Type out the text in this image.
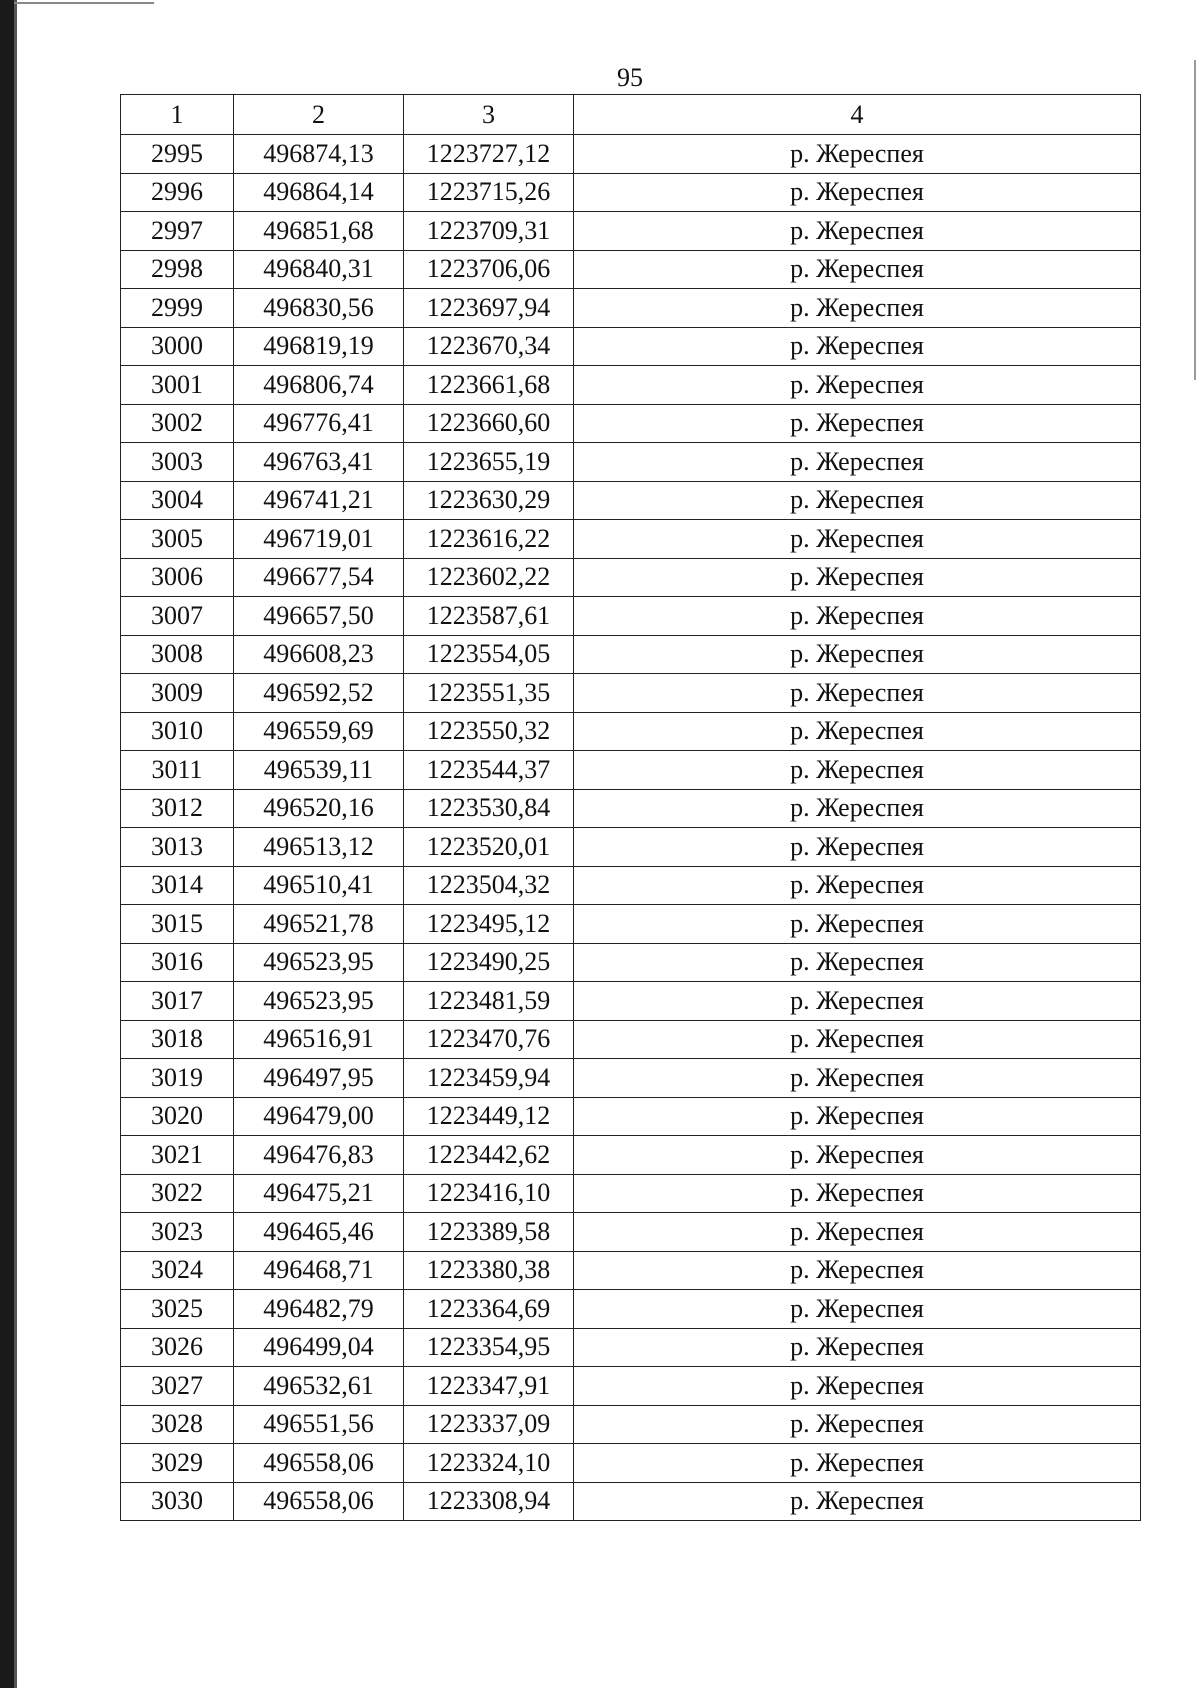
95
1	2	3	4
2995	496874,13	1223727,12	р. Жереспея
2996	496864,14	1223715,26	р. Жереспея
2997	496851,68	1223709,31	р. Жереспея
2998	496840,31	1223706,06	р. Жереспея
2999	496830,56	1223697,94	р. Жереспея
3000	496819,19	1223670,34	р. Жереспея
3001	496806,74	1223661,68	р. Жереспея
3002	496776,41	1223660,60	р. Жереспея
3003	496763,41	1223655,19	р. Жереспея
3004	496741,21	1223630,29	р. Жереспея
3005	496719,01	1223616,22	р. Жереспея
3006	496677,54	1223602,22	р. Жереспея
3007	496657,50	1223587,61	р. Жереспея
3008	496608,23	1223554,05	р. Жереспея
3009	496592,52	1223551,35	р. Жереспея
3010	496559,69	1223550,32	р. Жереспея
3011	496539,11	1223544,37	р. Жереспея
3012	496520,16	1223530,84	р. Жереспея
3013	496513,12	1223520,01	р. Жереспея
3014	496510,41	1223504,32	р. Жереспея
3015	496521,78	1223495,12	р. Жереспея
3016	496523,95	1223490,25	р. Жереспея
3017	496523,95	1223481,59	р. Жереспея
3018	496516,91	1223470,76	р. Жереспея
3019	496497,95	1223459,94	р. Жереспея
3020	496479,00	1223449,12	р. Жереспея
3021	496476,83	1223442,62	р. Жереспея
3022	496475,21	1223416,10	р. Жереспея
3023	496465,46	1223389,58	р. Жереспея
3024	496468,71	1223380,38	р. Жереспея
3025	496482,79	1223364,69	р. Жереспея
3026	496499,04	1223354,95	р. Жереспея
3027	496532,61	1223347,91	р. Жереспея
3028	496551,56	1223337,09	р. Жереспея
3029	496558,06	1223324,10	р. Жереспея
3030	496558,06	1223308,94	р. Жереспея
